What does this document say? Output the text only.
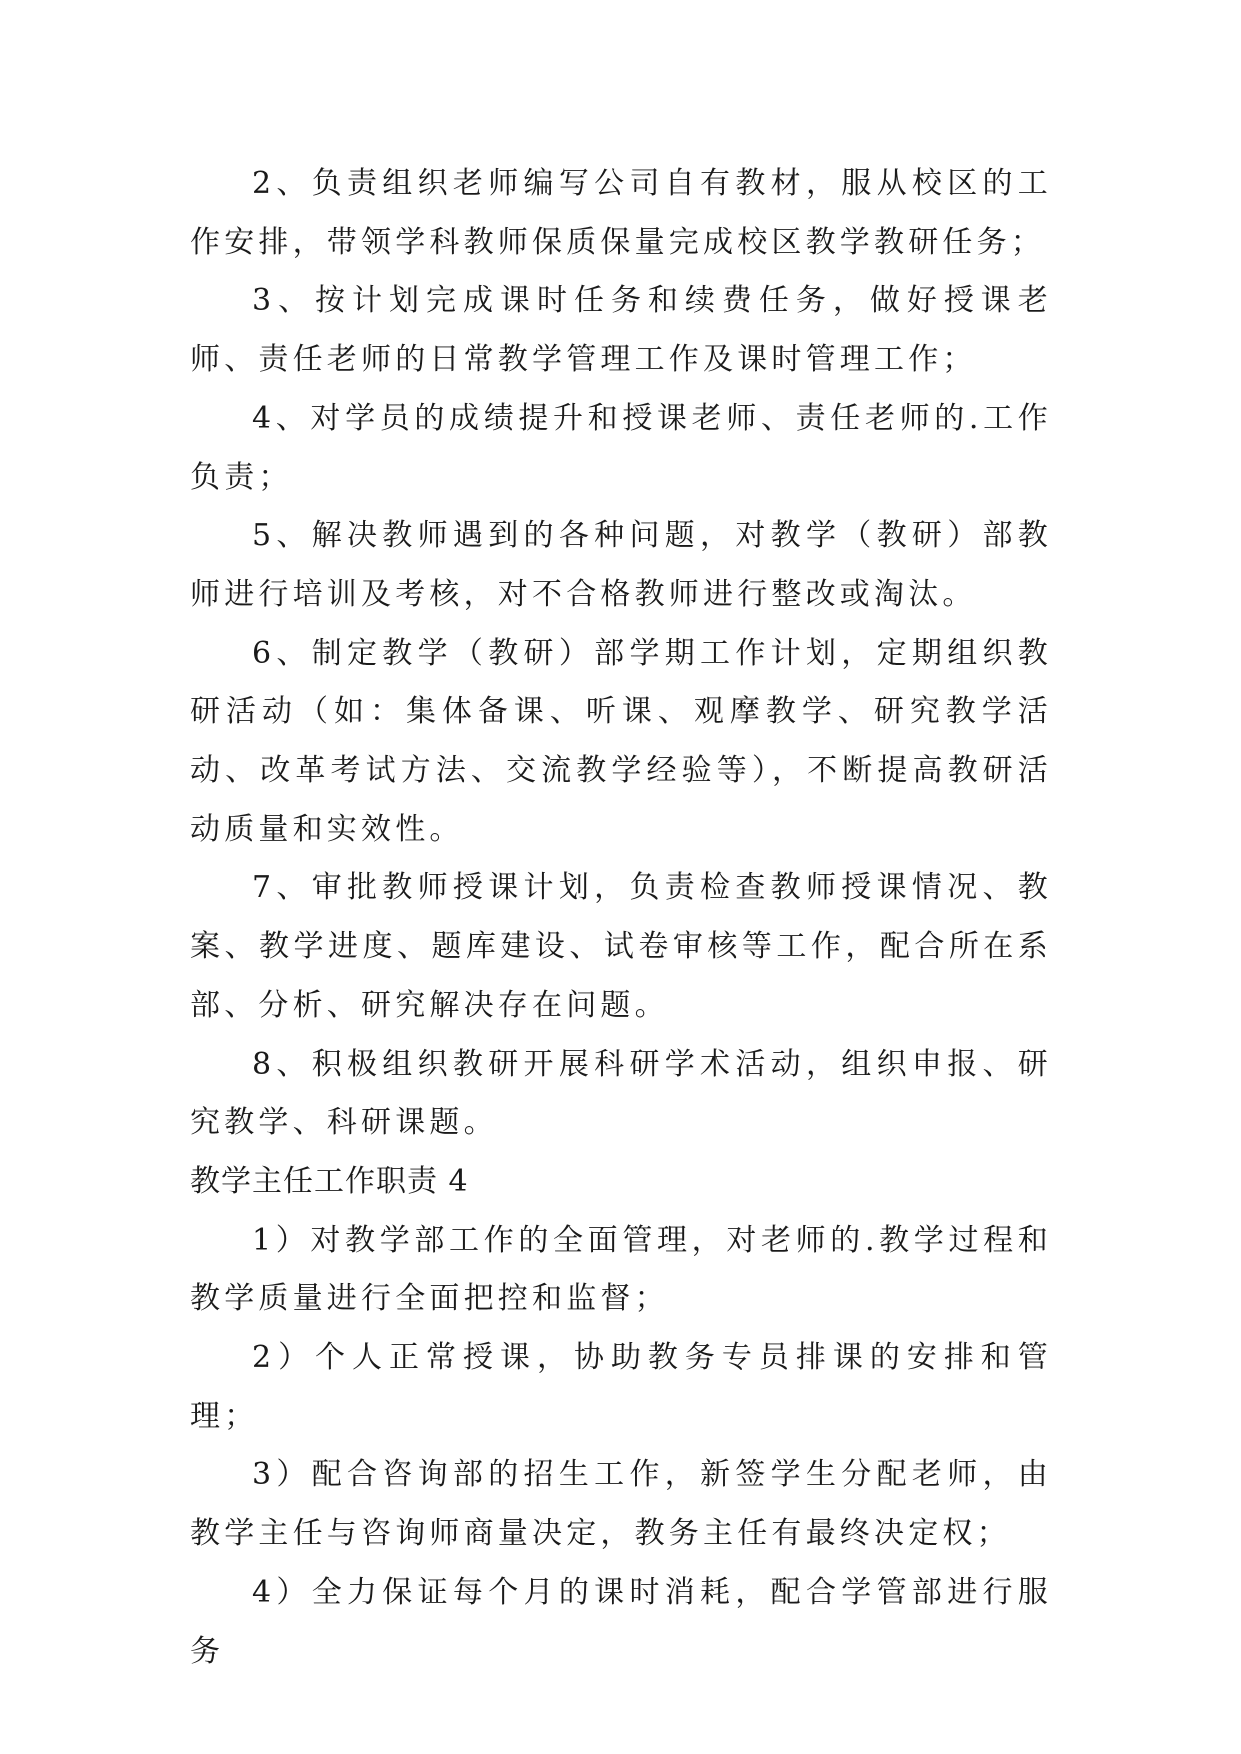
2、负责组织老师编写公司自有教材，服从校区的工作安排，带领学科教师保质保量完成校区教学教研任务；

3、按计划完成课时任务和续费任务，做好授课老师、责任老师的日常教学管理工作及课时管理工作；

4、对学员的成绩提升和授课老师、责任老师的.工作负责；

5、解决教师遇到的各种问题，对教学（教研）部教师进行培训及考核，对不合格教师进行整改或淘汰。

6、制定教学（教研）部学期工作计划，定期组织教研活动（如：集体备课、听课、观摩教学、研究教学活动、改革考试方法、交流教学经验等），不断提高教研活动质量和实效性。

7、审批教师授课计划，负责检查教师授课情况、教案、教学进度、题库建设、试卷审核等工作，配合所在系部、分析、研究解决存在问题。

8、积极组织教研开展科研学术活动，组织申报、研究教学、科研课题。

教学主任工作职责 4

1）对教学部工作的全面管理，对老师的.教学过程和教学质量进行全面把控和监督；

2）个人正常授课，协助教务专员排课的安排和管理；

3）配合咨询部的招生工作，新签学生分配老师，由教学主任与咨询师商量决定，教务主任有最终决定权；

4）全力保证每个月的课时消耗，配合学管部进行服务
